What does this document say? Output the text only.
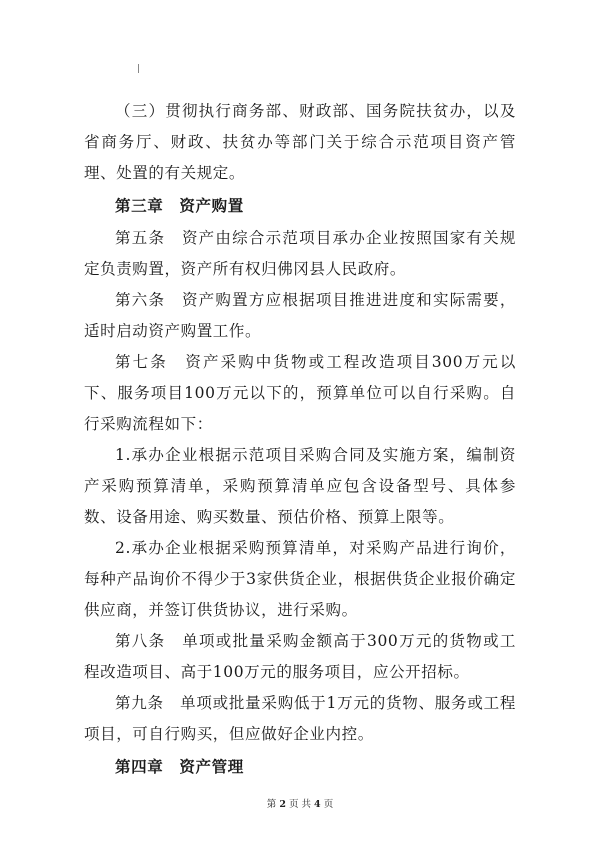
（三）贯彻执行商务部、财政部、国务院扶贫办，以及省商务厅、财政、扶贫办等部门关于综合示范项目资产管理、处置的有关规定。

第三章　资产购置

第五条　资产由综合示范项目承办企业按照国家有关规定负责购置，资产所有权归佛冈县人民政府。

第六条　资产购置方应根据项目推进进度和实际需要，适时启动资产购置工作。

第七条　资产采购中货物或工程改造项目300万元以下、服务项目100万元以下的，预算单位可以自行采购。自行采购流程如下：

1.承办企业根据示范项目采购合同及实施方案，编制资产采购预算清单，采购预算清单应包含设备型号、具体参数、设备用途、购买数量、预估价格、预算上限等。

2.承办企业根据采购预算清单，对采购产品进行询价，每种产品询价不得少于3家供货企业，根据供货企业报价确定供应商，并签订供货协议，进行采购。

第八条　单项或批量采购金额高于300万元的货物或工程改造项目、高于100万元的服务项目，应公开招标。

第九条　单项或批量采购低于1万元的货物、服务或工程项目，可自行购买，但应做好企业内控。

第四章　资产管理

第 2 页 共 4 页
